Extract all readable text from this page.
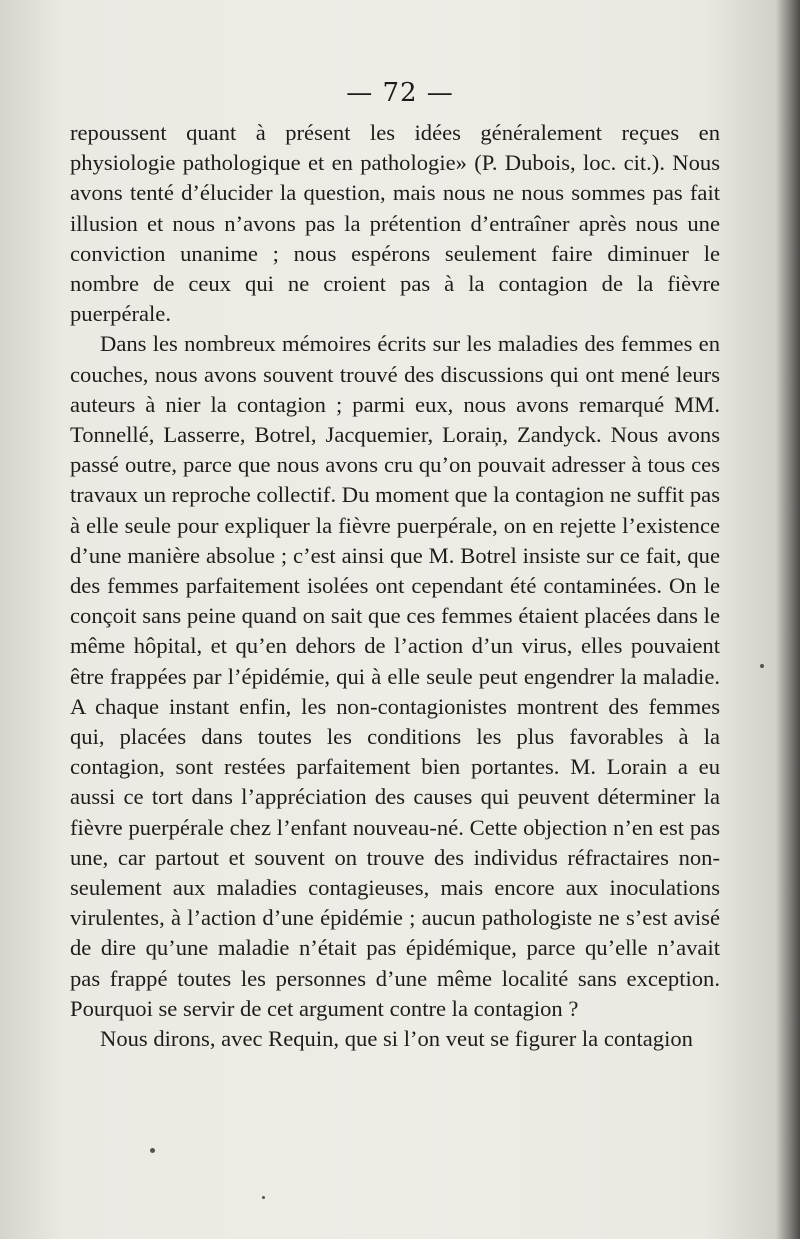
— 72 —

repoussent quant à présent les idées généralement reçues en physiologie pathologique et en pathologie» (P. Dubois, loc. cit.). Nous avons tenté d’élucider la question, mais nous ne nous sommes pas fait illusion et nous n’avons pas la prétention d’entraîner après nous une conviction unanime ; nous espérons seulement faire diminuer le nombre de ceux qui ne croient pas à la contagion de la fièvre puerpérale.

Dans les nombreux mémoires écrits sur les maladies des femmes en couches, nous avons souvent trouvé des discussions qui ont mené leurs auteurs à nier la contagion ; parmi eux, nous avons remarqué MM. Tonnellé, Lasserre, Botrel, Jacquemier, Loraiņ, Zandyck. Nous avons passé outre, parce que nous avons cru qu’on pouvait adresser à tous ces travaux un reproche collectif. Du moment que la contagion ne suffit pas à elle seule pour expliquer la fièvre puerpérale, on en rejette l’existence d’une manière absolue ; c’est ainsi que M. Botrel insiste sur ce fait, que des femmes parfaitement isolées ont cependant été contaminées. On le conçoit sans peine quand on sait que ces femmes étaient placées dans le même hôpital, et qu’en dehors de l’action d’un virus, elles pouvaient être frappées par l’épidémie, qui à elle seule peut engendrer la maladie. A chaque instant enfin, les non-contagionistes montrent des femmes qui, placées dans toutes les conditions les plus favorables à la contagion, sont restées parfaitement bien portantes. M. Lorain a eu aussi ce tort dans l’appréciation des causes qui peuvent déterminer la fièvre puerpérale chez l’enfant nouveau-né. Cette objection n’en est pas une, car partout et souvent on trouve des individus réfractaires non-seulement aux maladies contagieuses, mais encore aux inoculations virulentes, à l’action d’une épidémie ; aucun pathologiste ne s’est avisé de dire qu’une maladie n’était pas épidémique, parce qu’elle n’avait pas frappé toutes les personnes d’une même localité sans exception. Pourquoi se servir de cet argument contre la contagion ?

Nous dirons, avec Requin, que si l’on veut se figurer la contagion
